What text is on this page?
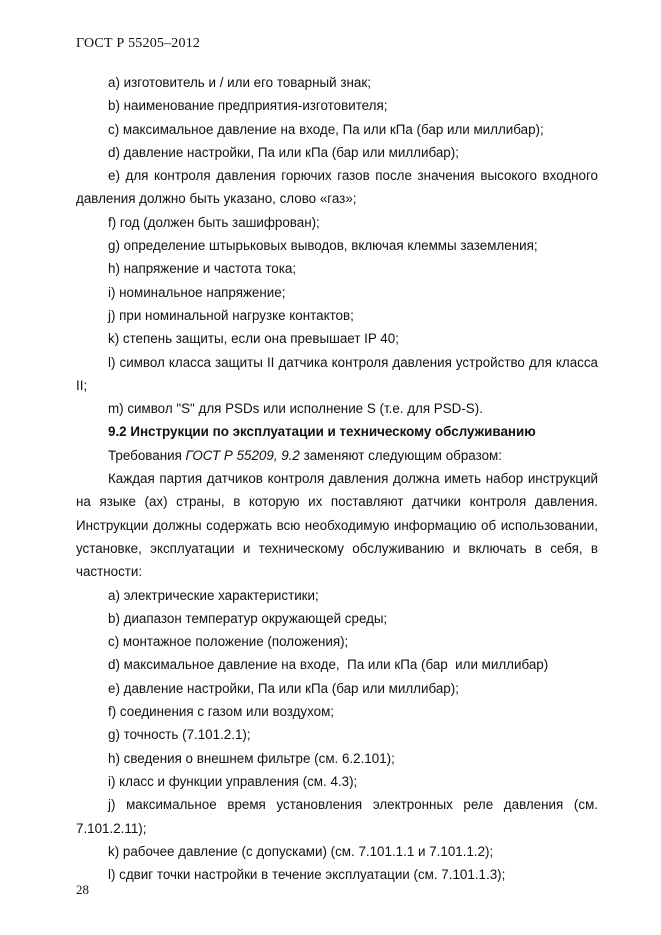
ГОСТ Р 55205–2012

a) изготовитель и / или его товарный знак;

b) наименование предприятия-изготовителя;

c) максимальное давление на входе, Па или кПа (бар или миллибар);

d) давление настройки, Па или кПа (бар или миллибар);

e) для контроля давления горючих газов после значения высокого входного давления должно быть указано, слово «газ»;

f) год (должен быть зашифрован);

g) определение штырьковых выводов, включая клеммы заземления;

h) напряжение и частота тока;

i) номинальное напряжение;

j) при номинальной нагрузке контактов;

k) степень защиты, если она превышает IP 40;

l) символ класса защиты II датчика контроля давления устройство для класса II;

m) символ "S" для PSDs или исполнение S (т.е. для PSD-S).

9.2 Инструкции по эксплуатации и техническому обслуживанию

Требования ГОСТ Р 55209, 9.2 заменяют следующим образом:

Каждая партия датчиков контроля давления должна иметь набор инструкций на языке (ах) страны, в которую их поставляют датчики контроля давления. Инструкции должны содержать всю необходимую информацию об использовании, установке, эксплуатации и техническому обслуживанию и включать в себя, в частности:

a) электрические характеристики;

b) диапазон температур окружающей среды;

c) монтажное положение (положения);

d) максимальное давление на входе,  Па или кПа (бар  или миллибар)

e) давление настройки, Па или кПа (бар или миллибар);

f) соединения с газом или воздухом;

g) точность (7.101.2.1);

h) сведения о внешнем фильтре (см. 6.2.101);

i) класс и функции управления (см. 4.3);

j) максимальное время установления электронных реле давления (см. 7.101.2.11);

k) рабочее давление (с допусками) (см. 7.101.1.1 и 7.101.1.2);

l) сдвиг точки настройки в течение эксплуатации (см. 7.101.1.3);

28
